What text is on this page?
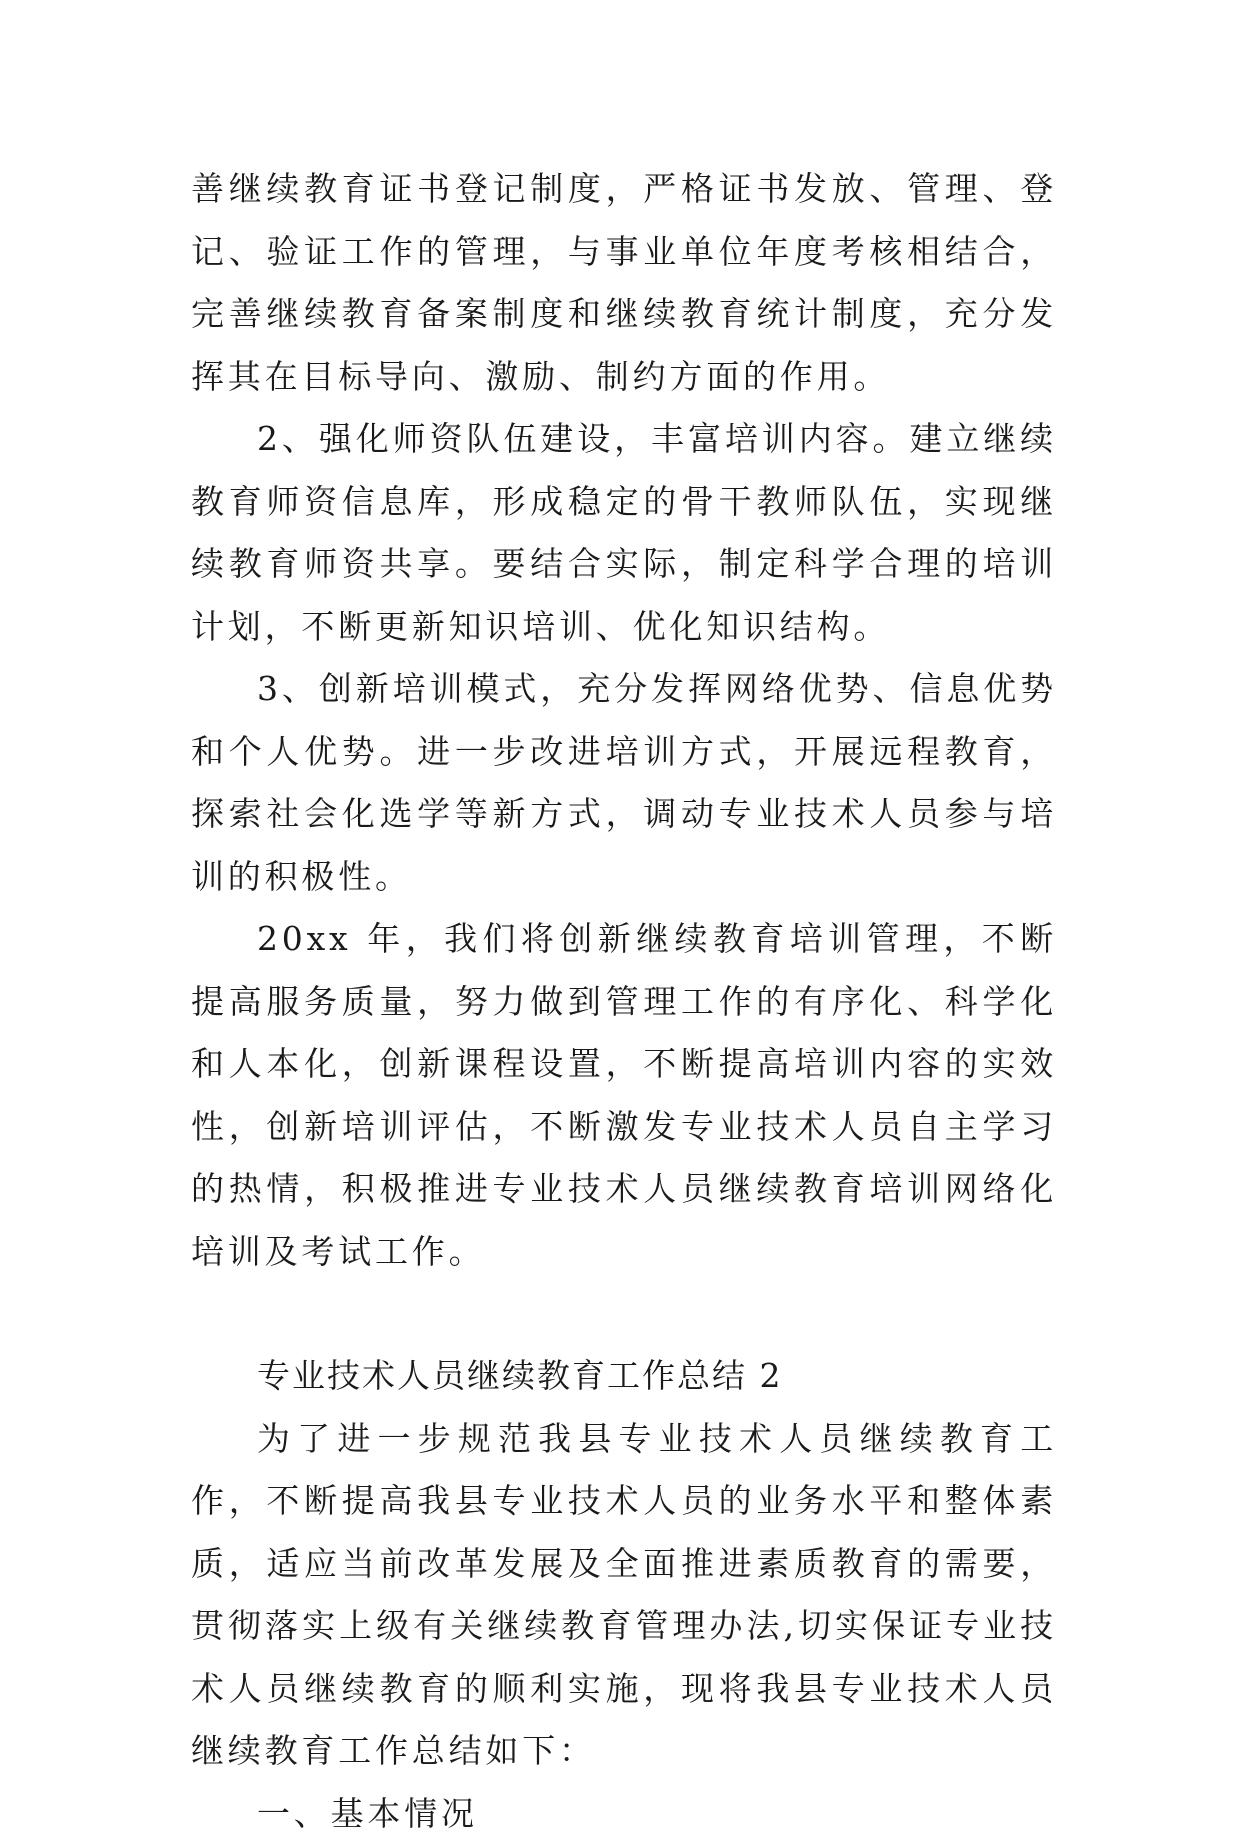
善继续教育证书登记制度，严格证书发放、管理、登记、验证工作的管理，与事业单位年度考核相结合，完善继续教育备案制度和继续教育统计制度，充分发挥其在目标导向、激励、制约方面的作用。

2、强化师资队伍建设，丰富培训内容。建立继续教育师资信息库，形成稳定的骨干教师队伍，实现继续教育师资共享。要结合实际，制定科学合理的培训计划，不断更新知识培训、优化知识结构。

3、创新培训模式，充分发挥网络优势、信息优势和个人优势。进一步改进培训方式，开展远程教育，探索社会化选学等新方式，调动专业技术人员参与培训的积极性。

20xx 年，我们将创新继续教育培训管理，不断提高服务质量，努力做到管理工作的有序化、科学化和人本化，创新课程设置，不断提高培训内容的实效性，创新培训评估，不断激发专业技术人员自主学习的热情，积极推进专业技术人员继续教育培训网络化培训及考试工作。

专业技术人员继续教育工作总结 2

为了进一步规范我县专业技术人员继续教育工作，不断提高我县专业技术人员的业务水平和整体素质，适应当前改革发展及全面推进素质教育的需要，贯彻落实上级有关继续教育管理办法,切实保证专业技术人员继续教育的顺利实施，现将我县专业技术人员继续教育工作总结如下：

一、基本情况
